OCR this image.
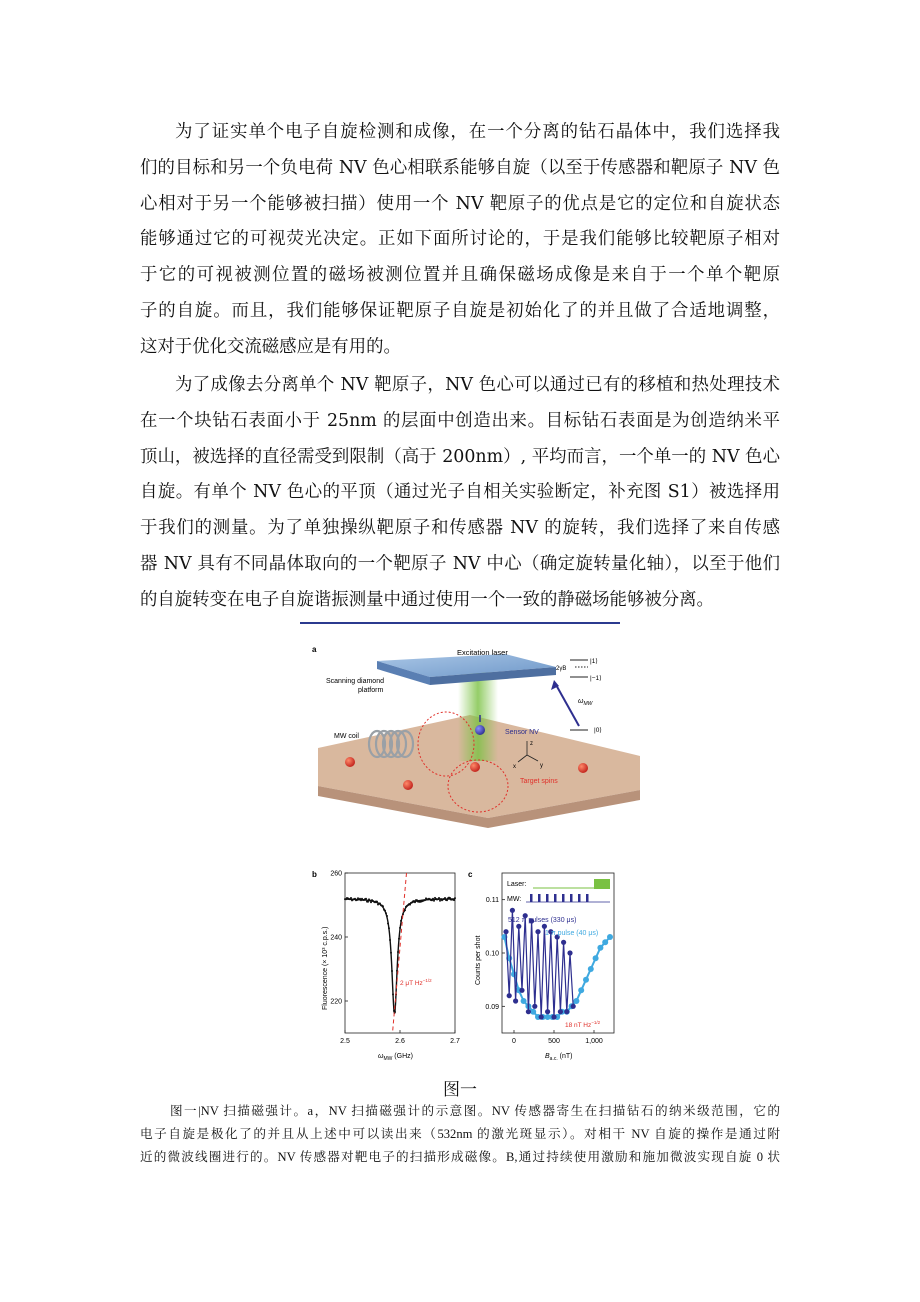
为了证实单个电子自旋检测和成像，在一个分离的钻石晶体中，我们选择我
们的目标和另一个负电荷 NV 色心相联系能够自旋（以至于传感器和靶原子 NV 色
心相对于另一个能够被扫描）使用一个 NV 靶原子的优点是它的定位和自旋状态
能够通过它的可视荧光决定。正如下面所讨论的，于是我们能够比较靶原子相对
于它的可视被测位置的磁场被测位置并且确保磁场成像是来自于一个单个靶原
子的自旋。而且，我们能够保证靶原子自旋是初始化了的并且做了合适地调整，
这对于优化交流磁感应是有用的。
为了成像去分离单个 NV 靶原子，NV 色心可以通过已有的移植和热处理技术
在一个块钻石表面小于 25nm 的层面中创造出来。目标钻石表面是为创造纳米平
顶山，被选择的直径需受到限制（高于 200nm）, 平均而言，一个单一的 NV 色心
自旋。有单个 NV 色心的平顶（通过光子自相关实验断定，补充图 S1）被选择用
于我们的测量。为了单独操纵靶原子和传感器 NV 的旋转，我们选择了来自传感
器 NV 具有不同晶体取向的一个靶原子 NV 中心（确定旋转量化轴），以至于他们
的自旋转变在电子自旋谐振测量中通过使用一个一致的静磁场能够被分离。
a	Excitation laser
Scanning diamond
platform
MW coil
Sensor NV
Target spins
z
x	y
|1⟩
|−1⟩
|0⟩
2γB
$\omega_{MW}$
b
2.5	2.6	2.7
220
240
260
2 μT $Hz^{-1/2}$
Fluorescence (× 10³ c.p.s.)
$\omega_{MW}$ (GHz)
c
Laser:
MW:
0	500	1,000
0.09
0.10
0.11
512 π pulses (330 μs)
1 π pulse (40 μs)
18 nT $Hz^{-1/2}$
Counts per shot
$B_{a.c.}$ (nT)
图一
图一|NV 扫描磁强计。a，NV 扫描磁强计的示意图。NV 传感器寄生在扫描钻石的纳米级范围，它的
电子自旋是极化了的并且从上述中可以读出来（532nm 的激光斑显示）。对相干 NV 自旋的操作是通过附
近的微波线圈进行的。NV 传感器对靶电子的扫描形成磁像。B,通过持续使用激励和施加微波实现自旋 0 状
